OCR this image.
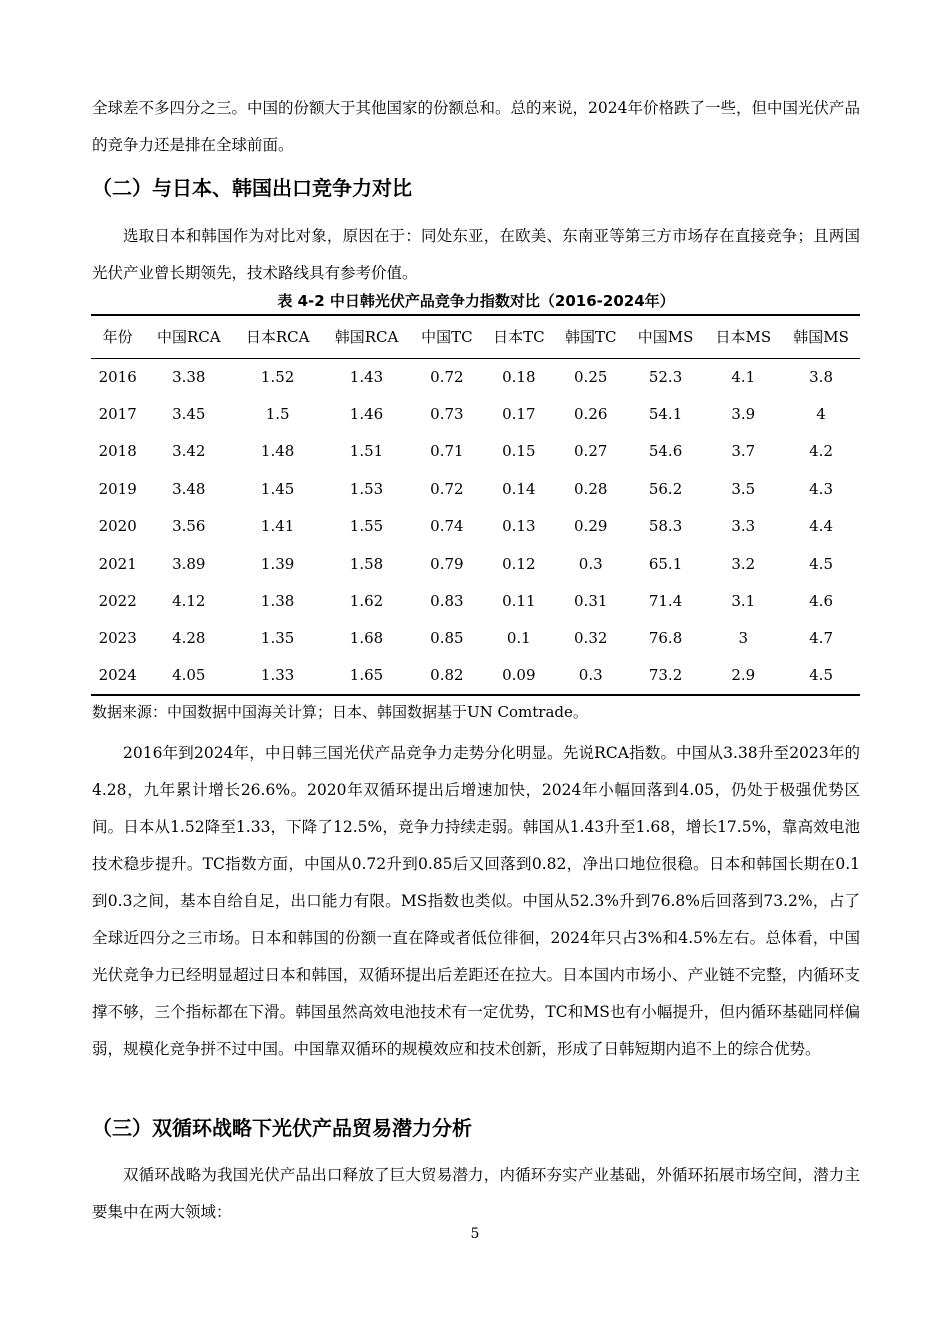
全球差不多四分之三。中国的份额大于其他国家的份额总和。总的来说，2024年价格跌了一些，但中国光伏产品的竞争力还是排在全球前面。

（二）与日本、韩国出口竞争力对比

选取日本和韩国作为对比对象，原因在于：同处东亚，在欧美、东南亚等第三方市场存在直接竞争；且两国光伏产业曾长期领先，技术路线具有参考价值。

表 4-2 中日韩光伏产品竞争力指数对比（2016-2024年）

年份	中国RCA	日本RCA	韩国RCA	中国TC	日本TC	韩国TC	中国MS	日本MS	韩国MS
2016	3.38	1.52	1.43	0.72	0.18	0.25	52.3	4.1	3.8
2017	3.45	1.5	1.46	0.73	0.17	0.26	54.1	3.9	4
2018	3.42	1.48	1.51	0.71	0.15	0.27	54.6	3.7	4.2
2019	3.48	1.45	1.53	0.72	0.14	0.28	56.2	3.5	4.3
2020	3.56	1.41	1.55	0.74	0.13	0.29	58.3	3.3	4.4
2021	3.89	1.39	1.58	0.79	0.12	0.3	65.1	3.2	4.5
2022	4.12	1.38	1.62	0.83	0.11	0.31	71.4	3.1	4.6
2023	4.28	1.35	1.68	0.85	0.1	0.32	76.8	3	4.7
2024	4.05	1.33	1.65	0.82	0.09	0.3	73.2	2.9	4.5

数据来源：中国数据中国海关计算；日本、韩国数据基于UN Comtrade。

2016年到2024年，中日韩三国光伏产品竞争力走势分化明显。先说RCA指数。中国从3.38升至2023年的4.28，九年累计增长26.6%。2020年双循环提出后增速加快，2024年小幅回落到4.05，仍处于极强优势区间。日本从1.52降至1.33，下降了12.5%，竞争力持续走弱。韩国从1.43升至1.68，增长17.5%，靠高效电池技术稳步提升。TC指数方面，中国从0.72升到0.85后又回落到0.82，净出口地位很稳。日本和韩国长期在0.1到0.3之间，基本自给自足，出口能力有限。MS指数也类似。中国从52.3%升到76.8%后回落到73.2%，占了全球近四分之三市场。日本和韩国的份额一直在降或者低位徘徊，2024年只占3%和4.5%左右。总体看，中国光伏竞争力已经明显超过日本和韩国，双循环提出后差距还在拉大。日本国内市场小、产业链不完整，内循环支撑不够，三个指标都在下滑。韩国虽然高效电池技术有一定优势，TC和MS也有小幅提升，但内循环基础同样偏弱，规模化竞争拼不过中国。中国靠双循环的规模效应和技术创新，形成了日韩短期内追不上的综合优势。

（三）双循环战略下光伏产品贸易潜力分析

双循环战略为我国光伏产品出口释放了巨大贸易潜力，内循环夯实产业基础，外循环拓展市场空间，潜力主要集中在两大领域：

5
